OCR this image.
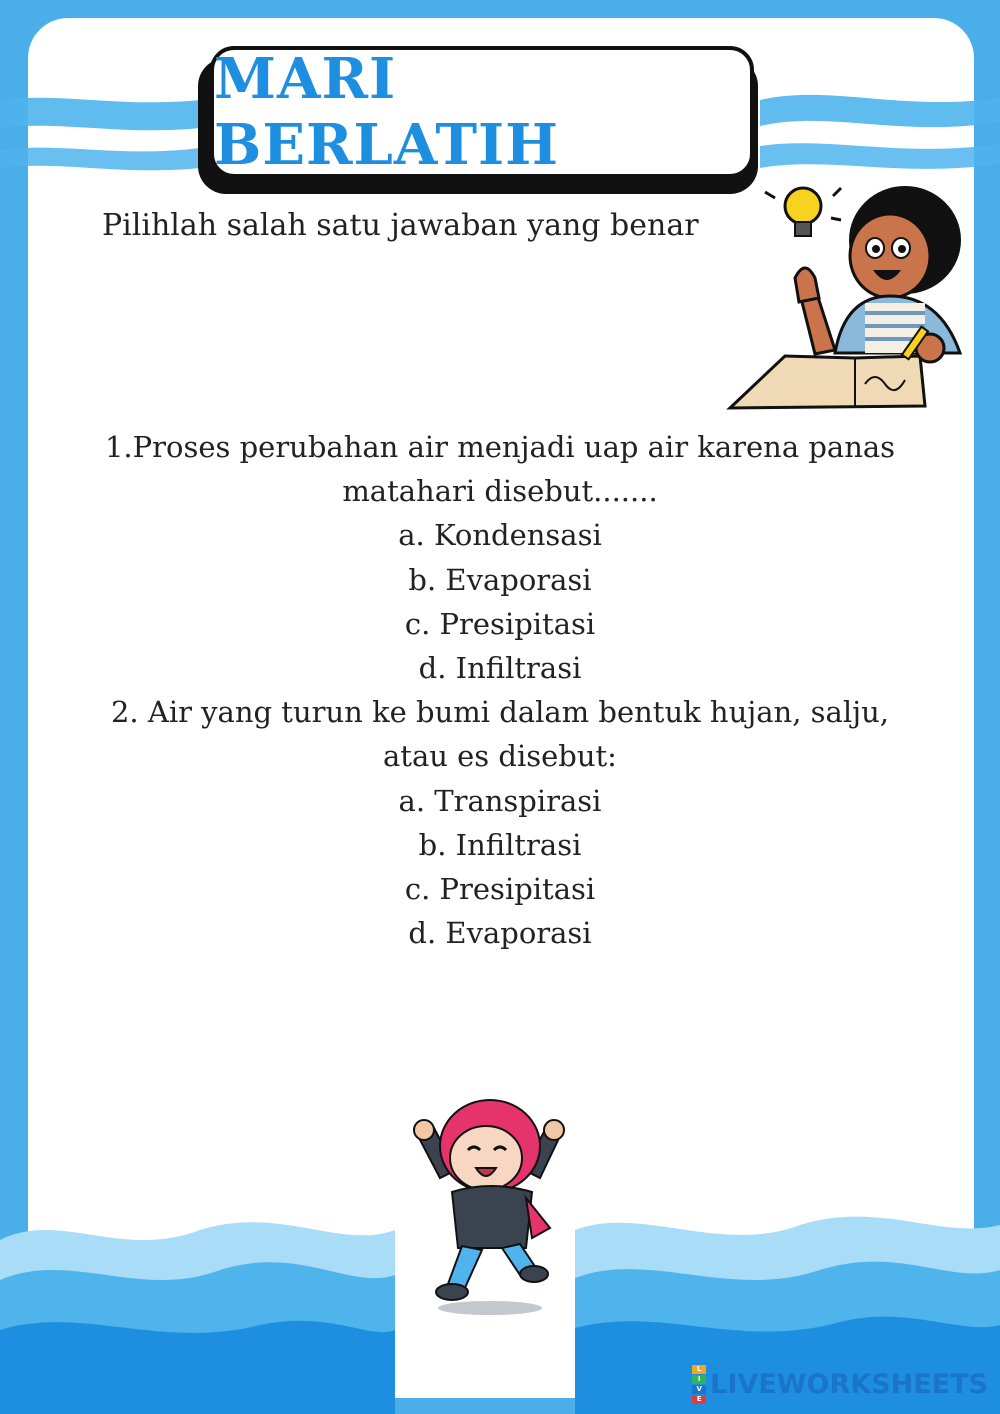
MARI BERLATIH
Pilihlah salah satu jawaban yang benar
1.Proses perubahan air menjadi uap air karena panas
matahari disebut.......
a. Kondensasi
b. Evaporasi
c. Presipitasi
d. Infiltrasi
2. Air yang turun ke bumi dalam bentuk hujan, salju,
atau es disebut:
a. Transpirasi
b. Infiltrasi
c. Presipitasi
d. Evaporasi
L
I
V
E LIVEWORKSHEETS
